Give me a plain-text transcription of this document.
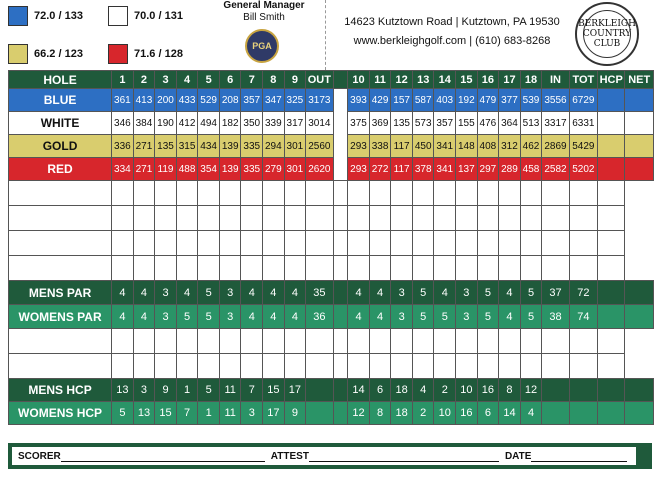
72.0 / 133	70.0 / 131
66.2 / 123	71.6 / 128
General Manager
Bill Smith
PGA
14623 Kutztown Road | Kutztown, PA 19530
www.berkleighgolf.com | (610) 683-8268
BERKLEIGH COUNTRY CLUB
HOLE	1	2	3	4	5	6	7	8	9	OUT		10	11	12	13	14	15	16	17	18	IN	TOT	HCP	NET
BLUE	361	413	200	433	529	208	357	347	325	3173	INITIALS	393	429	157	587	403	192	479	377	539	3556	6729		
WHITE	346	384	190	412	494	182	350	339	317	3014		375	369	135	573	357	155	476	364	513	3317	6331		
GOLD	336	271	135	315	434	139	335	294	301	2560		293	338	117	450	341	148	408	312	462	2869	5429		
RED	334	271	119	488	354	139	335	279	301	2620		293	272	117	378	341	137	297	289	458	2582	5202		

MENS PAR	4	4	3	4	5	3	4	4	4	35		4	4	3	5	4	3	5	4	5	37	72		
WOMENS PAR	4	4	3	5	5	3	4	4	4	36		4	4	3	5	5	3	5	4	5	38	74		

MENS HCP	13	3	9	1	5	11	7	15	17			14	6	18	4	2	10	16	8	12				
WOMENS HCP	5	13	15	7	1	11	3	17	9			12	8	18	2	10	16	6	14	4				
SCORER	ATTEST	DATE
